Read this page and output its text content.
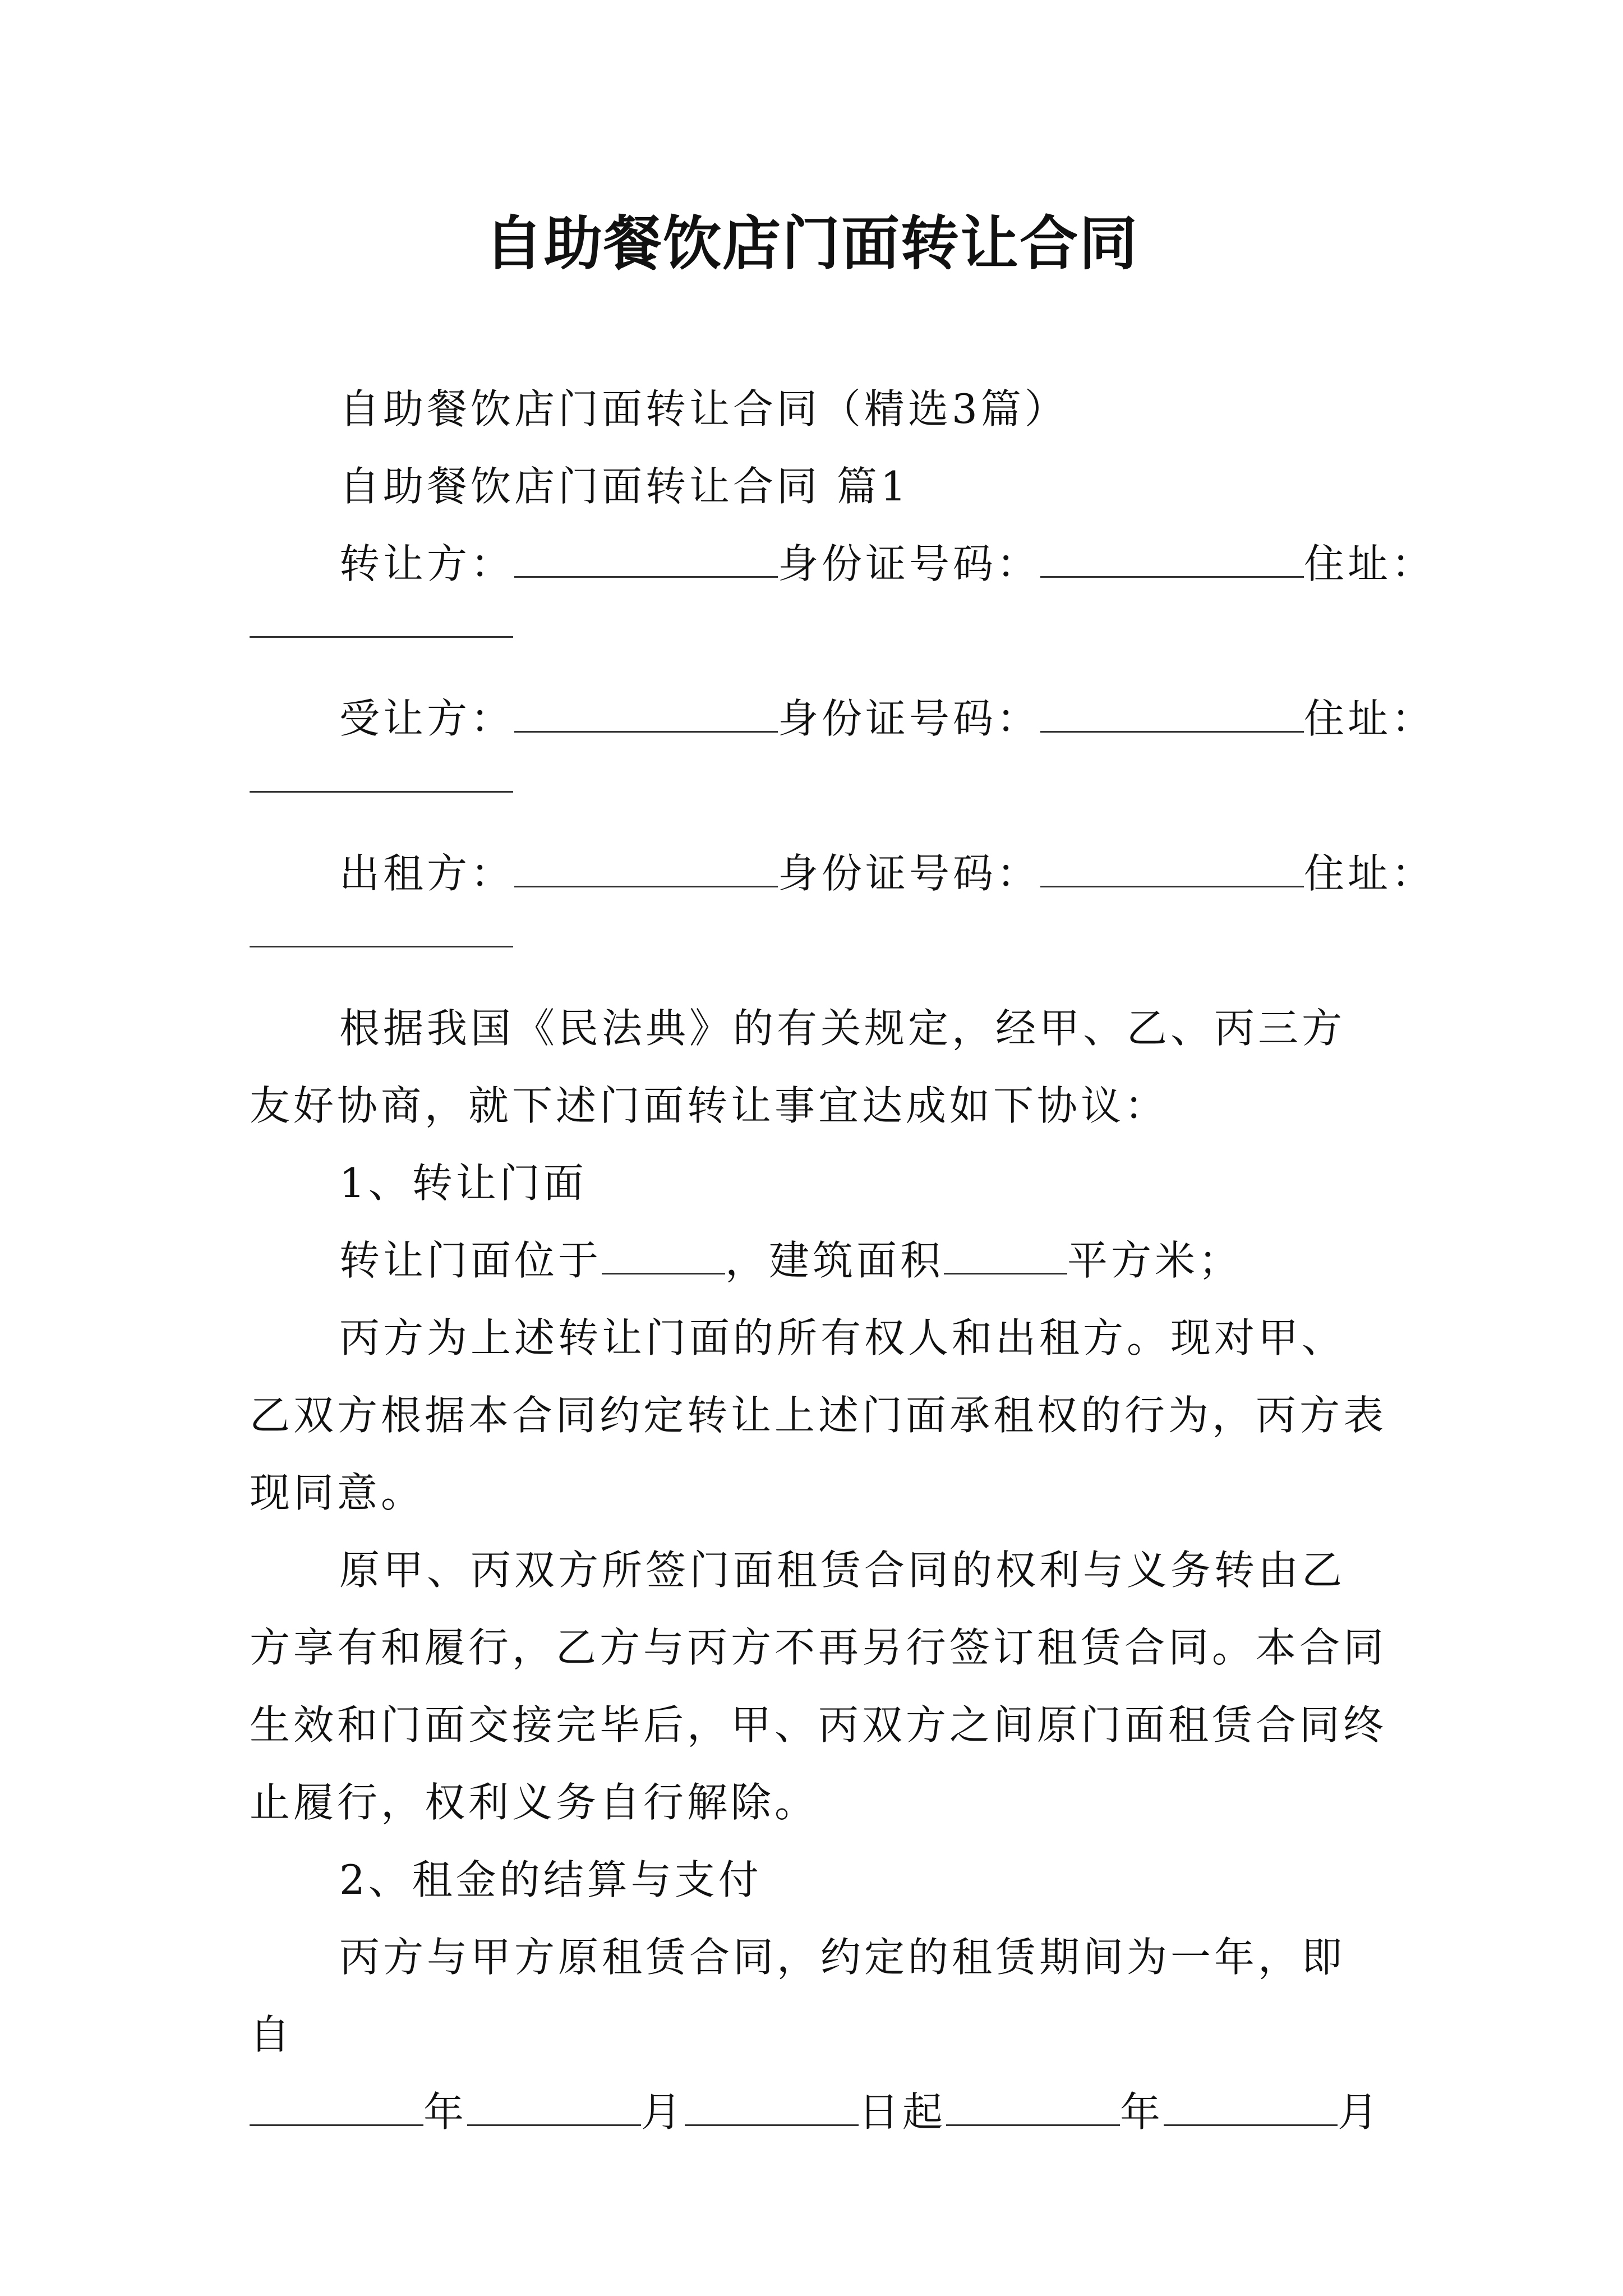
自助餐饮店门面转让合同

自助餐饮店门面转让合同（精选3篇）

自助餐饮店门面转让合同 篇1

转让方：	身份证号码：	住址：

受让方：	身份证号码：	住址：

出租方：	身份证号码：	住址：

根据我国《民法典》的有关规定，经甲、乙、丙三方友好协商，就下述门面转让事宜达成如下协议：

1、转让门面

转让门面位于	，建筑面积	平方米；

丙方为上述转让门面的所有权人和出租方。现对甲、乙双方根据本合同约定转让上述门面承租权的行为，丙方表现同意。

原甲、丙双方所签门面租赁合同的权利与义务转由乙方享有和履行，乙方与丙方不再另行签订租赁合同。本合同生效和门面交接完毕后，甲、丙双方之间原门面租赁合同终止履行，权利义务自行解除。

2、租金的结算与支付

丙方与甲方原租赁合同，约定的租赁期间为一年，即自

年	月	日起	年	月
